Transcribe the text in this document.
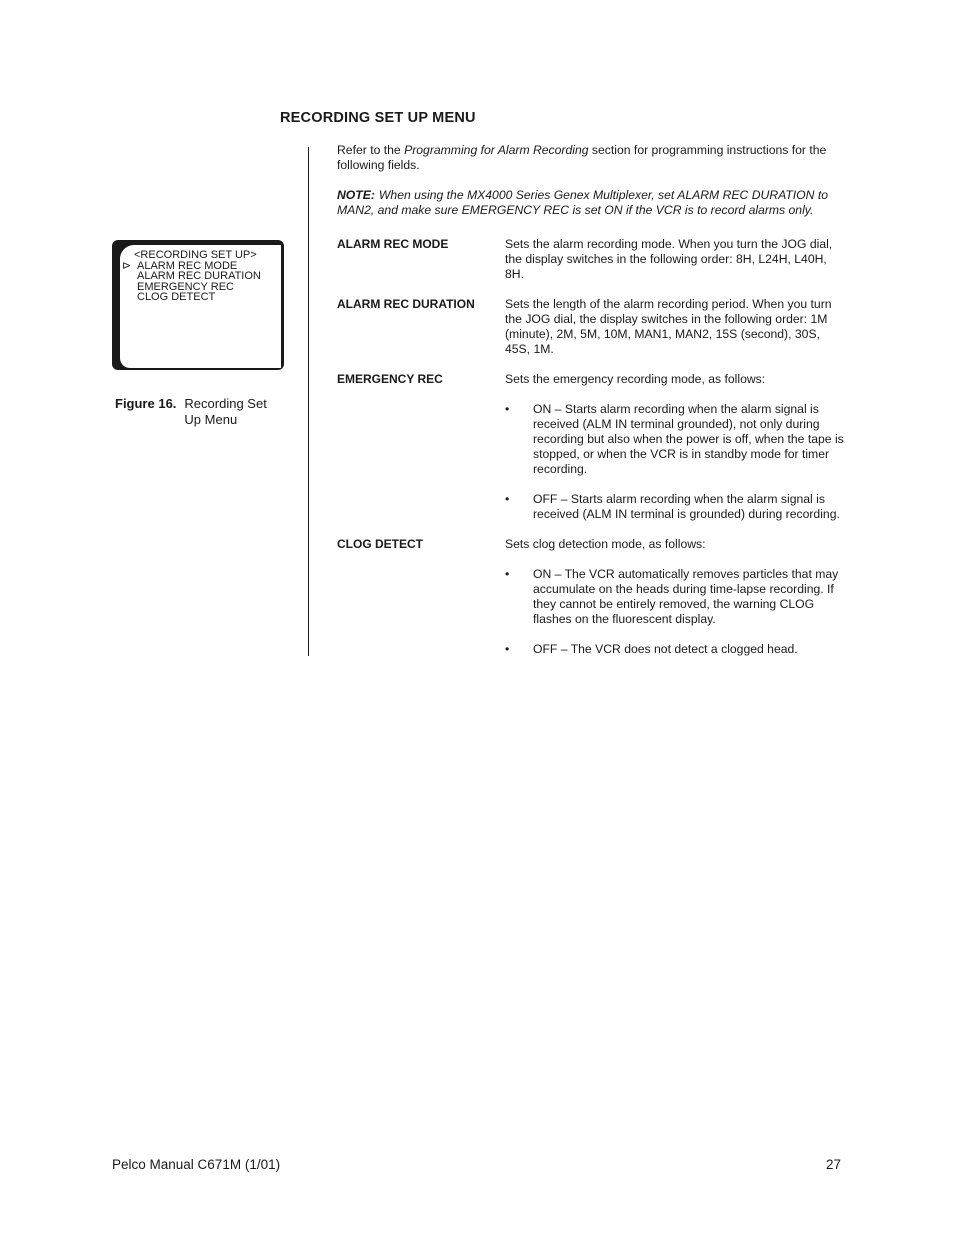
RECORDING SET UP MENU

Refer to the Programming for Alarm Recording section for programming instructions for the following fields.

NOTE: When using the MX4000 Series Genex Multiplexer, set ALARM REC DURATION to MAN2, and make sure EMERGENCY REC is set ON if the VCR is to record alarms only.

<RECORDING SET UP>
⊳ ALARM REC MODE
ALARM REC DURATION
EMERGENCY REC
CLOG DETECT
Figure 16. Recording Set Up Menu
ALARM REC MODE	Sets the alarm recording mode. When you turn the JOG dial, the display switches in the following order: 8H, L24H, L40H, 8H.

ALARM REC DURATION	Sets the length of the alarm recording period. When you turn the JOG dial, the display switches in the following order: 1M (minute), 2M, 5M, 10M, MAN1, MAN2, 15S (second), 30S, 45S, 1M.

EMERGENCY REC	Sets the emergency recording mode, as follows:

• ON – Starts alarm recording when the alarm signal is received (ALM IN terminal grounded), not only during recording but also when the power is off, when the tape is stopped, or when the VCR is in standby mode for timer recording.
• OFF – Starts alarm recording when the alarm signal is received (ALM IN terminal is grounded) during recording.
CLOG DETECT	Sets clog detection mode, as follows:

• ON – The VCR automatically removes particles that may accumulate on the heads during time-lapse recording. If they cannot be entirely removed, the warning CLOG flashes on the fluorescent display.
• OFF – The VCR does not detect a clogged head.
Pelco Manual C671M (1/01)	27
